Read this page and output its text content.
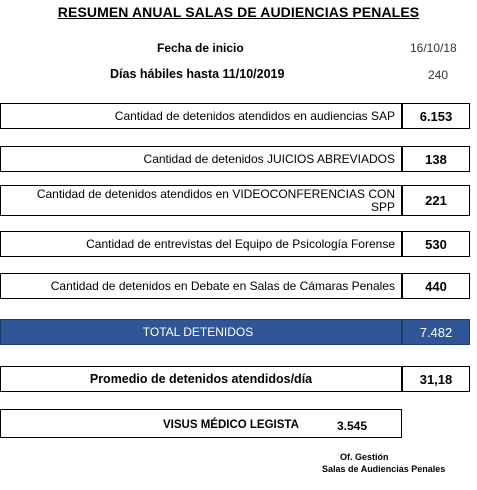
RESUMEN ANUAL SALAS DE AUDIENCIAS PENALES
Fecha de inicio	16/10/18
Días hábiles hasta 11/10/2019	240
Cantidad de detenidos atendidos en audiencias SAP	6.153
Cantidad de detenidos JUICIOS ABREVIADOS	138
Cantidad de detenidos atendidos en VIDEOCONFERENCIAS CON SPP	221
Cantidad de entrevistas del Equipo de Psicología Forense	530
Cantidad de detenidos en Debate en Salas de Cámaras Penales	440
TOTAL DETENIDOS	7.482
Promedio de detenidos atendidos/día	31,18
VISUS MÉDICO LEGISTA	3.545
Of. Gestión
Salas de Audiencias Penales
